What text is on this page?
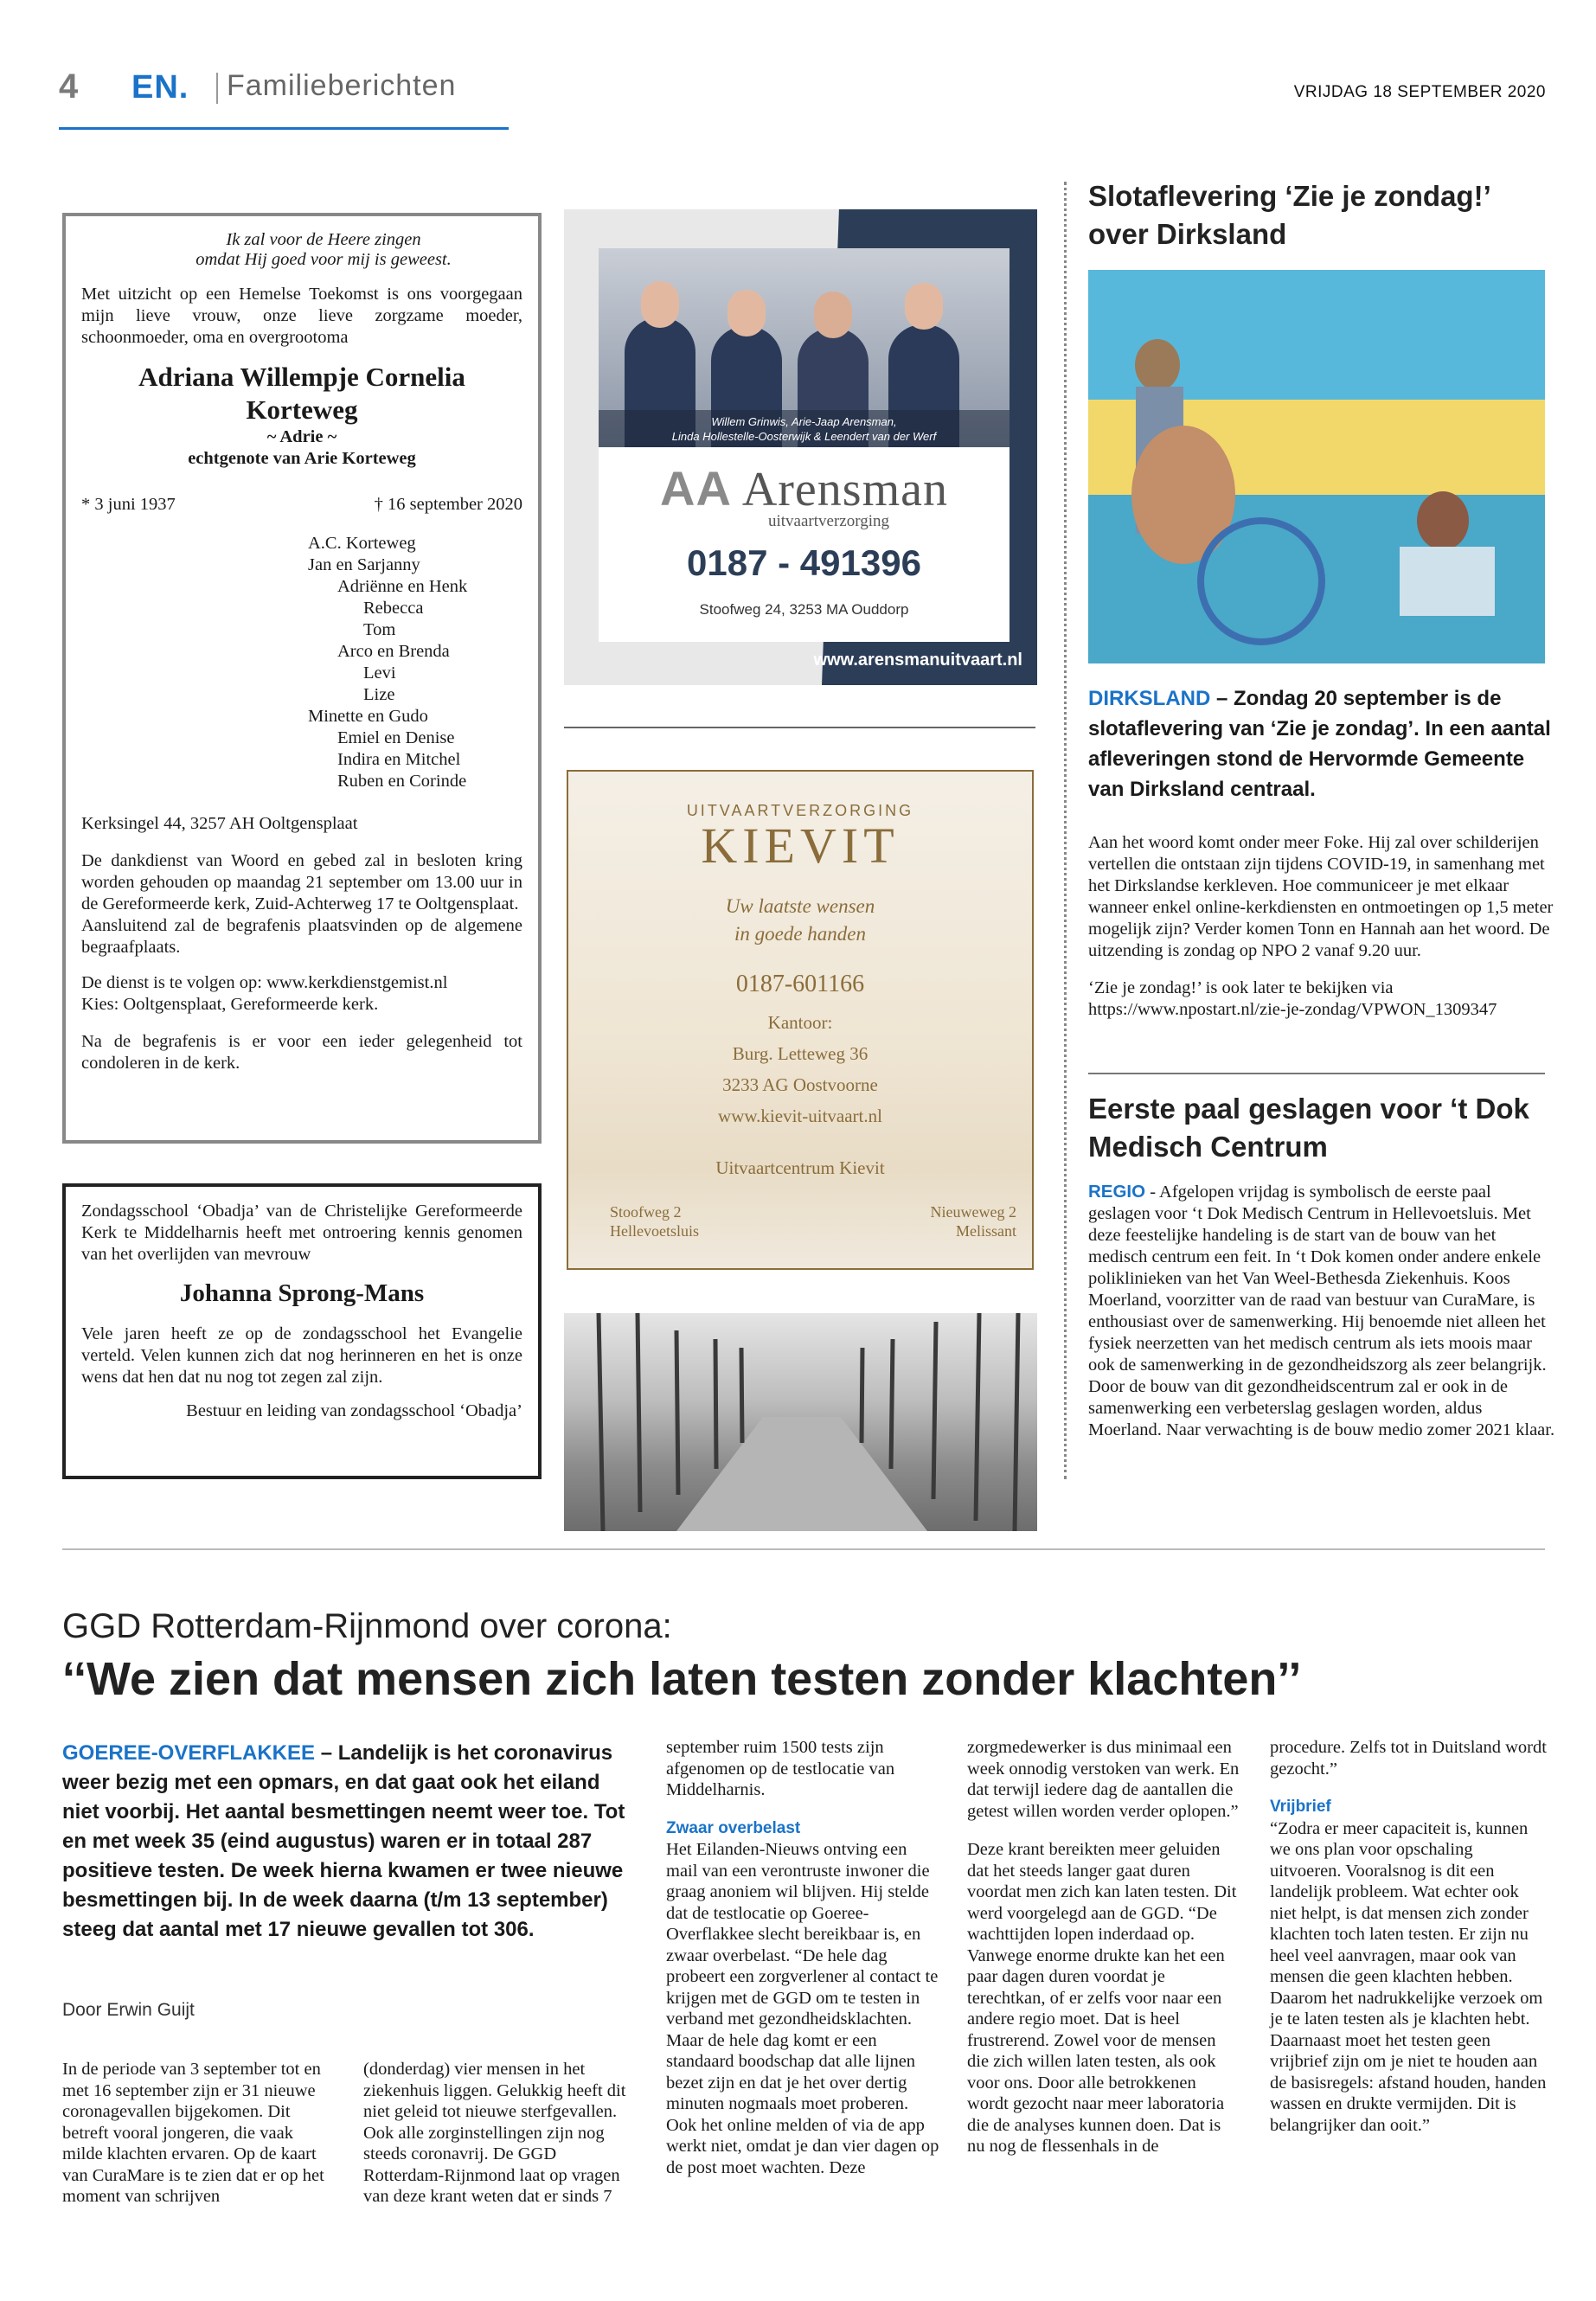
4 EN. Familieberichten	VRIJDAG 18 SEPTEMBER 2020
Ik zal voor de Heere zingen
omdat Hij goed voor mij is geweest.

Met uitzicht op een Hemelse Toekomst is ons voorgegaan mijn lieve vrouw, onze lieve zorgzame moeder, schoonmoeder, oma en overgrootoma

Adriana Willempje Cornelia
Korteweg

~ Adrie ~

echtgenote van Arie Korteweg

* 3 juni 1937	† 16 september 2020
A.C. Korteweg
Jan en Sarjanny
Adriënne en Henk
Rebecca
Tom
Arco en Brenda
Levi
Lize
Minette en Gudo
Emiel en Denise
Indira en Mitchel
Ruben en Corinde

Kerksingel 44, 3257 AH Ooltgensplaat

De dankdienst van Woord en gebed zal in besloten kring worden gehouden op maandag 21 september om 13.00 uur in de Gereformeerde kerk, Zuid-Achterweg 17 te Ooltgensplaat.

Aansluitend zal de begrafenis plaatsvinden op de algemene begraafplaats.

De dienst is te volgen op: www.kerkdienstgemist.nl

Kies: Ooltgensplaat, Gereformeerde kerk.

Na de begrafenis is er voor een ieder gelegenheid tot condoleren in de kerk.

Zondagsschool ‘Obadja’ van de Christelijke Gereformeerde Kerk te Middelharnis heeft met ontroering kennis genomen van het overlijden van mevrouw

Johanna Sprong-Mans

Vele jaren heeft ze op de zondagsschool het Evangelie verteld. Velen kunnen zich dat nog herinneren en het is onze wens dat hen dat nu nog tot zegen zal zijn.

Bestuur en leiding van zondagsschool ‘Obadja’
Willem Grinwis, Arie-Jaap Arensman,
Linda Hollestelle-Oosterwijk & Leendert van der Werf
AA Arensman
uitvaartverzorging
0187 - 491396
Stoofweg 24, 3253 MA Ouddorp
www.arensmanuitvaart.nl
UITVAARTVERZORGING
KIEVIT
Uw laatste wensen
in goede handen
0187-601166
Kantoor:
Burg. Letteweg 36
3233 AG Oostvoorne
www.kievit-uitvaart.nl
Uitvaartcentrum Kievit
Stoofweg 2
Hellevoetsluis
Nieuweweg 2
Melissant
Slotaflevering ‘Zie je zondag!’ over Dirksland
DIRKSLAND – Zondag 20 september is de slotaflevering van ‘Zie je zondag’. In een aantal afleveringen stond de Hervormde Gemeente van Dirksland centraal.

Aan het woord komt onder meer Foke. Hij zal over schilderijen vertellen die ontstaan zijn tijdens COVID-19, in samenhang met het Dirkslandse kerkleven. Hoe communiceer je met elkaar wanneer enkel online-kerkdiensten en ontmoetingen op 1,5 meter mogelijk zijn? Verder komen Tonn en Hannah aan het woord. De uitzending is zondag op NPO 2 vanaf 9.20 uur.

‘Zie je zondag!’ is ook later te bekijken via https://www.npostart.nl/zie-je-zondag/VPWON_1309347

Eerste paal geslagen voor ‘t Dok Medisch Centrum

REGIO - Afgelopen vrijdag is symbolisch de eerste paal geslagen voor ‘t Dok Medisch Centrum in Hellevoetsluis. Met deze feestelijke handeling is de start van de bouw van het medisch centrum een feit. In ‘t Dok komen onder andere enkele poliklinieken van het Van Weel-Bethesda Ziekenhuis. Koos Moerland, voorzitter van de raad van bestuur van CuraMare, is enthousiast over de samenwerking. Hij benoemde niet alleen het fysiek neerzetten van het medisch centrum als iets moois maar ook de samenwerking in de gezondheidszorg als zeer belangrijk. Door de bouw van dit gezondheidscentrum zal er ook in de samenwerking een verbeterslag geslagen worden, aldus Moerland. Naar verwachting is de bouw medio zomer 2021 klaar.

GGD Rotterdam-Rijnmond over corona:
‘‘We zien dat mensen zich laten testen zonder klachten’’
GOEREE-OVERFLAKKEE – Landelijk is het coronavirus weer bezig met een opmars, en dat gaat ook het eiland niet voorbij. Het aantal besmettingen neemt weer toe. Tot en met week 35 (eind augustus) waren er in totaal 287 positieve testen. De week hierna kwamen er twee nieuwe besmettingen bij. In de week daarna (t/m 13 september) steeg dat aantal met 17 nieuwe gevallen tot 306.
Door Erwin Guijt

In de periode van 3 september tot en met 16 september zijn er 31 nieuwe coronagevallen bijgekomen. Dit betreft vooral jongeren, die vaak milde klachten ervaren. Op de kaart van CuraMare is te zien dat er op het moment van schrijven

(donderdag) vier mensen in het ziekenhuis liggen. Gelukkig heeft dit niet geleid tot nieuwe sterfgevallen. Ook alle zorginstellingen zijn nog steeds coronavrij. De GGD Rotterdam-Rijnmond laat op vragen van deze krant weten dat er sinds 7

september ruim 1500 tests zijn afgenomen op de testlocatie van Middelharnis.

Zwaar overbelast

Het Eilanden-Nieuws ontving een mail van een verontruste inwoner die graag anoniem wil blijven. Hij stelde dat de testlocatie op Goeree-Overflakkee slecht bereikbaar is, en zwaar overbelast. “De hele dag probeert een zorgverlener al contact te krijgen met de GGD om te testen in verband met gezondheidsklachten. Maar de hele dag komt er een standaard boodschap dat alle lijnen bezet zijn en dat je het over dertig minuten nogmaals moet proberen. Ook het online melden of via de app werkt niet, omdat je dan vier dagen op de post moet wachten. Deze

zorgmedewerker is dus minimaal een week onnodig verstoken van werk. En dat terwijl iedere dag de aantallen die getest willen worden verder oplopen.”

Deze krant bereikten meer geluiden dat het steeds langer gaat duren voordat men zich kan laten testen. Dit werd voorgelegd aan de GGD. “De wachttijden lopen inderdaad op. Vanwege enorme drukte kan het een paar dagen duren voordat je terechtkan, of er zelfs voor naar een andere regio moet. Dat is heel frustrerend. Zowel voor de mensen die zich willen laten testen, als ook voor ons. Door alle betrokkenen wordt gezocht naar meer laboratoria die de analyses kunnen doen. Dat is nu nog de flessenhals in de

procedure. Zelfs tot in Duitsland wordt gezocht.”

Vrijbrief

“Zodra er meer capaciteit is, kunnen we ons plan voor opschaling uitvoeren. Vooralsnog is dit een landelijk probleem. Wat echter ook niet helpt, is dat mensen zich zonder klachten toch laten testen. Er zijn nu heel veel aanvragen, maar ook van mensen die geen klachten hebben. Daarom het nadrukkelijke verzoek om je te laten testen als je klachten hebt. Daarnaast moet het testen geen vrijbrief zijn om je niet te houden aan de basisregels: afstand houden, handen wassen en drukte vermijden. Dit is belangrijker dan ooit.”
